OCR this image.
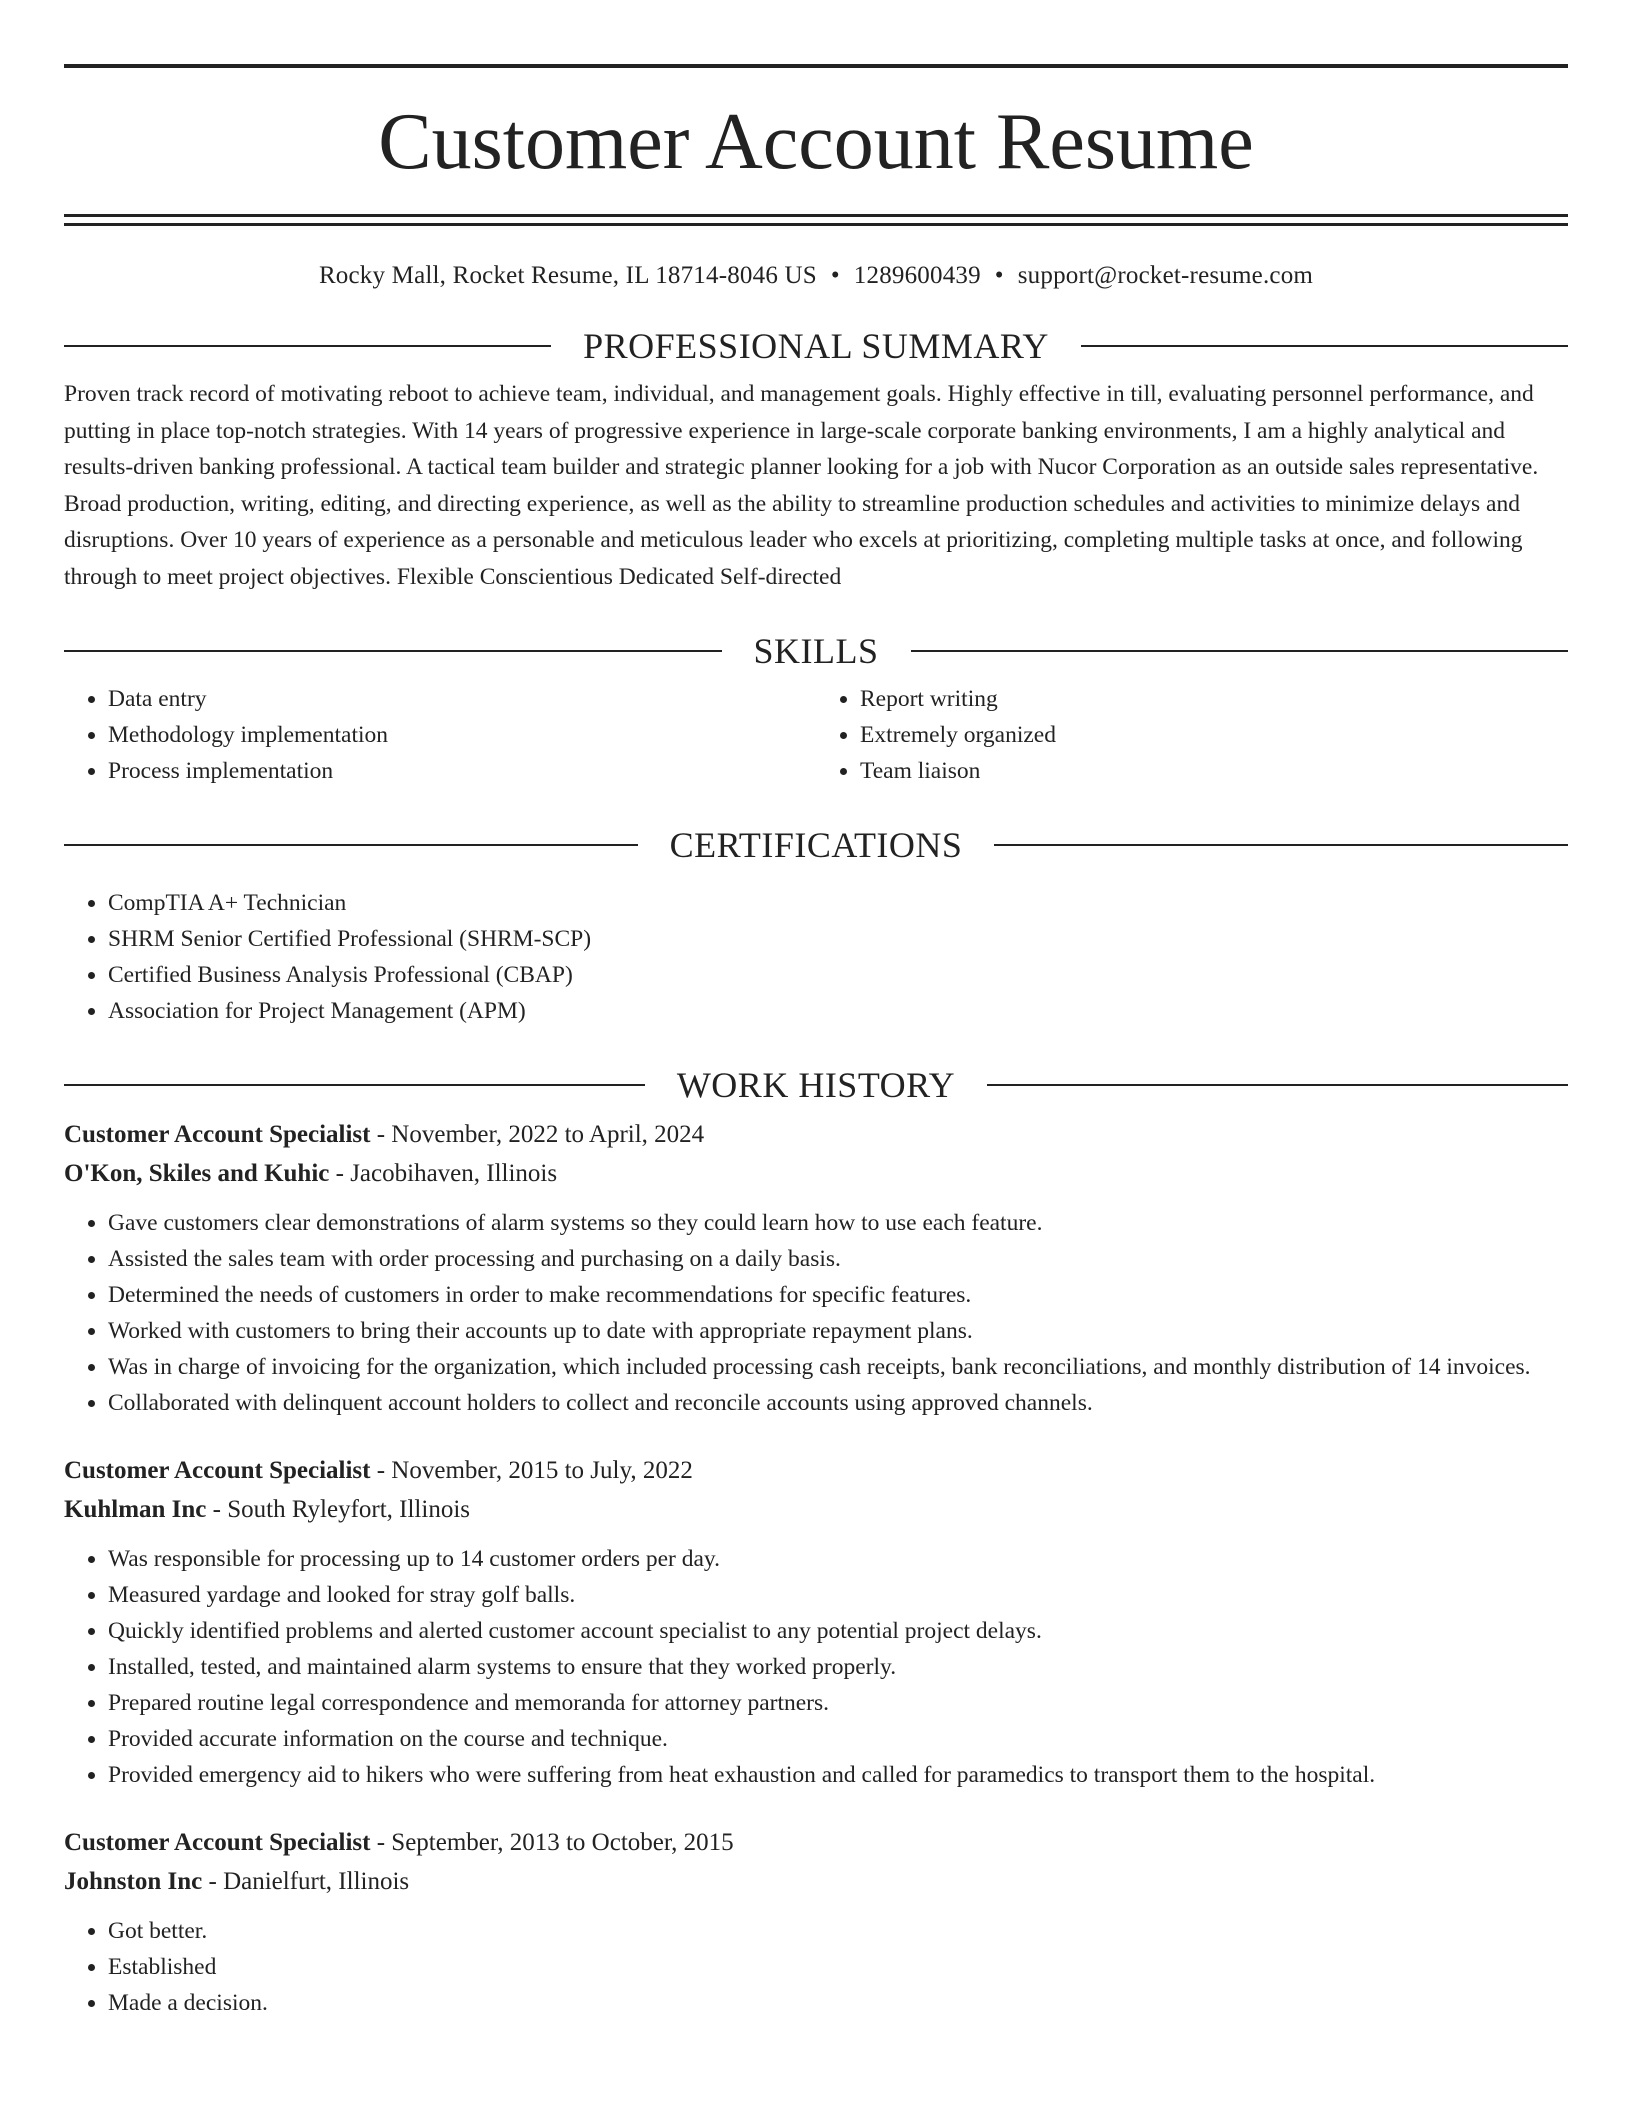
Customer Account Resume
Rocky Mall, Rocket Resume, IL 18714-8046 US • 1289600439 • support@rocket-resume.com
PROFESSIONAL SUMMARY

Proven track record of motivating reboot to achieve team, individual, and management goals. Highly effective in till, evaluating personnel performance, and putting in place top-notch strategies. With 14 years of progressive experience in large-scale corporate banking environments, I am a highly analytical and results-driven banking professional. A tactical team builder and strategic planner looking for a job with Nucor Corporation as an outside sales representative. Broad production, writing, editing, and directing experience, as well as the ability to streamline production schedules and activities to minimize delays and disruptions. Over 10 years of experience as a personable and meticulous leader who excels at prioritizing, completing multiple tasks at once, and following through to meet project objectives. Flexible Conscientious Dedicated Self-directed

SKILLS
• Data entry
• Methodology implementation
• Process implementation
• Report writing
• Extremely organized
• Team liaison
CERTIFICATIONS
• CompTIA A+ Technician
• SHRM Senior Certified Professional (SHRM-SCP)
• Certified Business Analysis Professional (CBAP)
• Association for Project Management (APM)
WORK HISTORY
Customer Account Specialist - November, 2022 to April, 2024
O'Kon, Skiles and Kuhic - Jacobihaven, Illinois
• Gave customers clear demonstrations of alarm systems so they could learn how to use each feature.
• Assisted the sales team with order processing and purchasing on a daily basis.
• Determined the needs of customers in order to make recommendations for specific features.
• Worked with customers to bring their accounts up to date with appropriate repayment plans.
• Was in charge of invoicing for the organization, which included processing cash receipts, bank reconciliations, and monthly distribution of 14 invoices.
• Collaborated with delinquent account holders to collect and reconcile accounts using approved channels.
Customer Account Specialist - November, 2015 to July, 2022
Kuhlman Inc - South Ryleyfort, Illinois
• Was responsible for processing up to 14 customer orders per day.
• Measured yardage and looked for stray golf balls.
• Quickly identified problems and alerted customer account specialist to any potential project delays.
• Installed, tested, and maintained alarm systems to ensure that they worked properly.
• Prepared routine legal correspondence and memoranda for attorney partners.
• Provided accurate information on the course and technique.
• Provided emergency aid to hikers who were suffering from heat exhaustion and called for paramedics to transport them to the hospital.
Customer Account Specialist - September, 2013 to October, 2015
Johnston Inc - Danielfurt, Illinois
• Got better.
• Established
• Made a decision.
